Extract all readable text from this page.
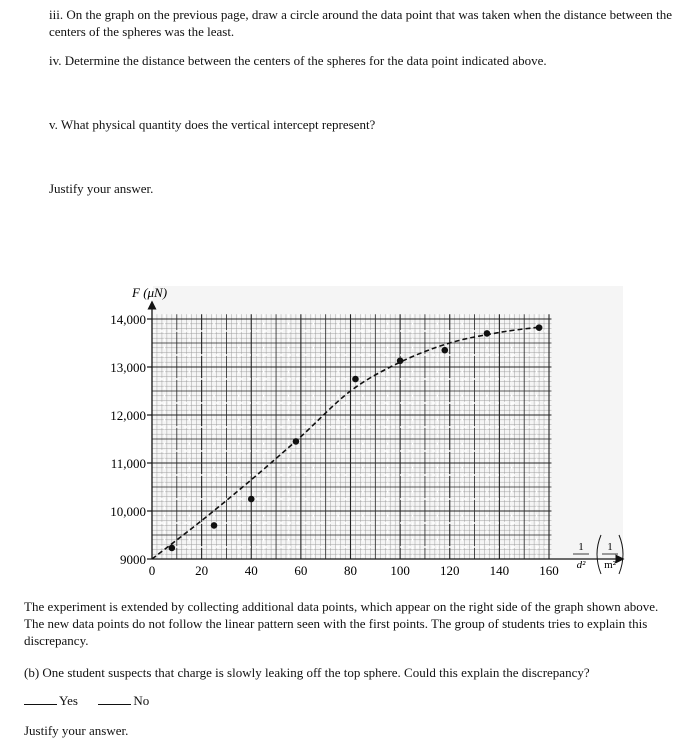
iii. On the graph on the previous page, draw a circle around the data point that was taken when the distance between the centers of the spheres was the least.
iv. Determine the distance between the centers of the spheres for the data point indicated above.
v. What physical quantity does the vertical intercept represent?
Justify your answer.
0	20	40	60	80	100 120 140 160
9000
10,000
11,000
12,000
13,000
14,000
F (μN)
1
d²
1
m²
The experiment is extended by collecting additional data points, which appear on the right side of the graph shown above. The new data points do not follow the linear pattern seen with the first points. The group of students tries to explain this discrepancy.
(b) One student suspects that charge is slowly leaking off the top sphere. Could this explain the discrepancy?
Yes	No
Justify your answer.
